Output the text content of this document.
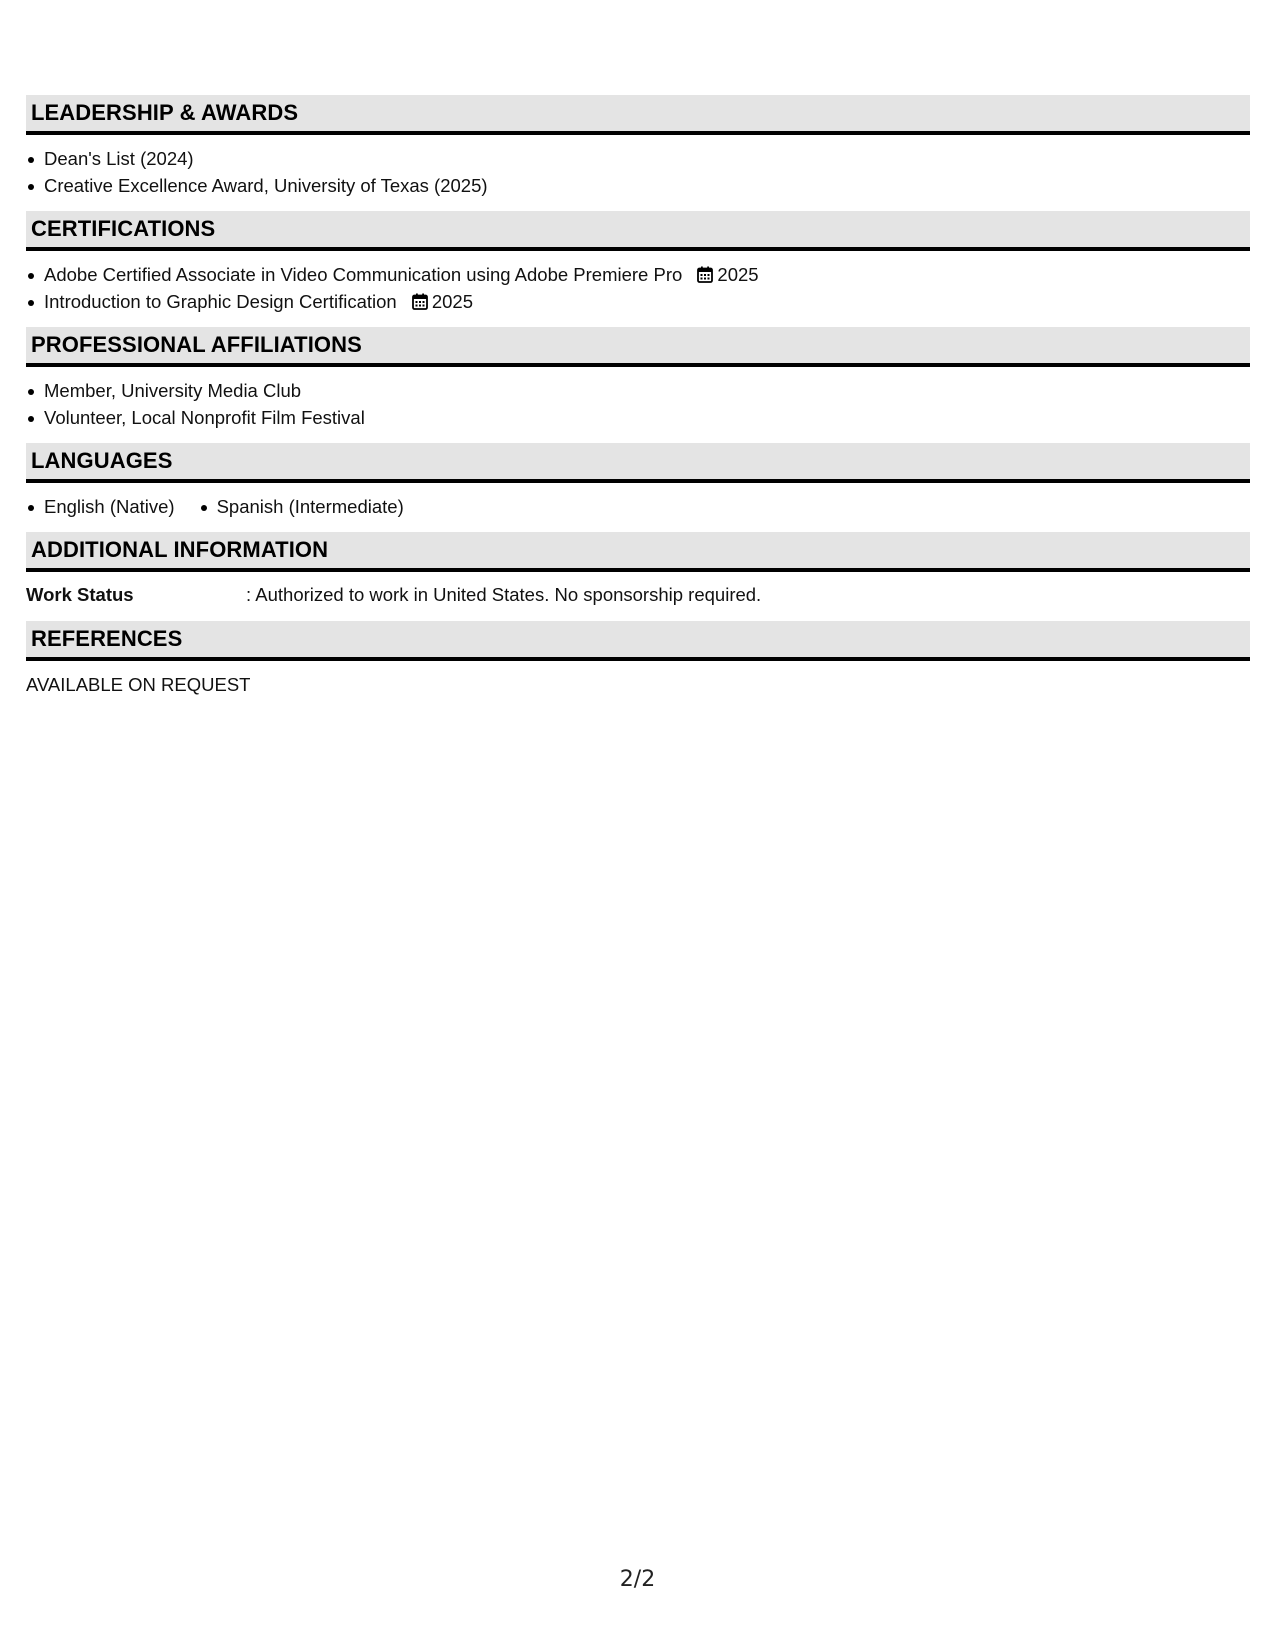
LEADERSHIP & AWARDS
Dean's List (2024)
Creative Excellence Award, University of Texas (2025)
CERTIFICATIONS
Adobe Certified Associate in Video Communication using Adobe Premiere Pro 2025
Introduction to Graphic Design Certification 2025
PROFESSIONAL AFFILIATIONS
Member, University Media Club
Volunteer, Local Nonprofit Film Festival
LANGUAGES
English (Native)	Spanish (Intermediate)
ADDITIONAL INFORMATION
Work Status	: Authorized to work in United States. No sponsorship required.
REFERENCES
AVAILABLE ON REQUEST
2/2
